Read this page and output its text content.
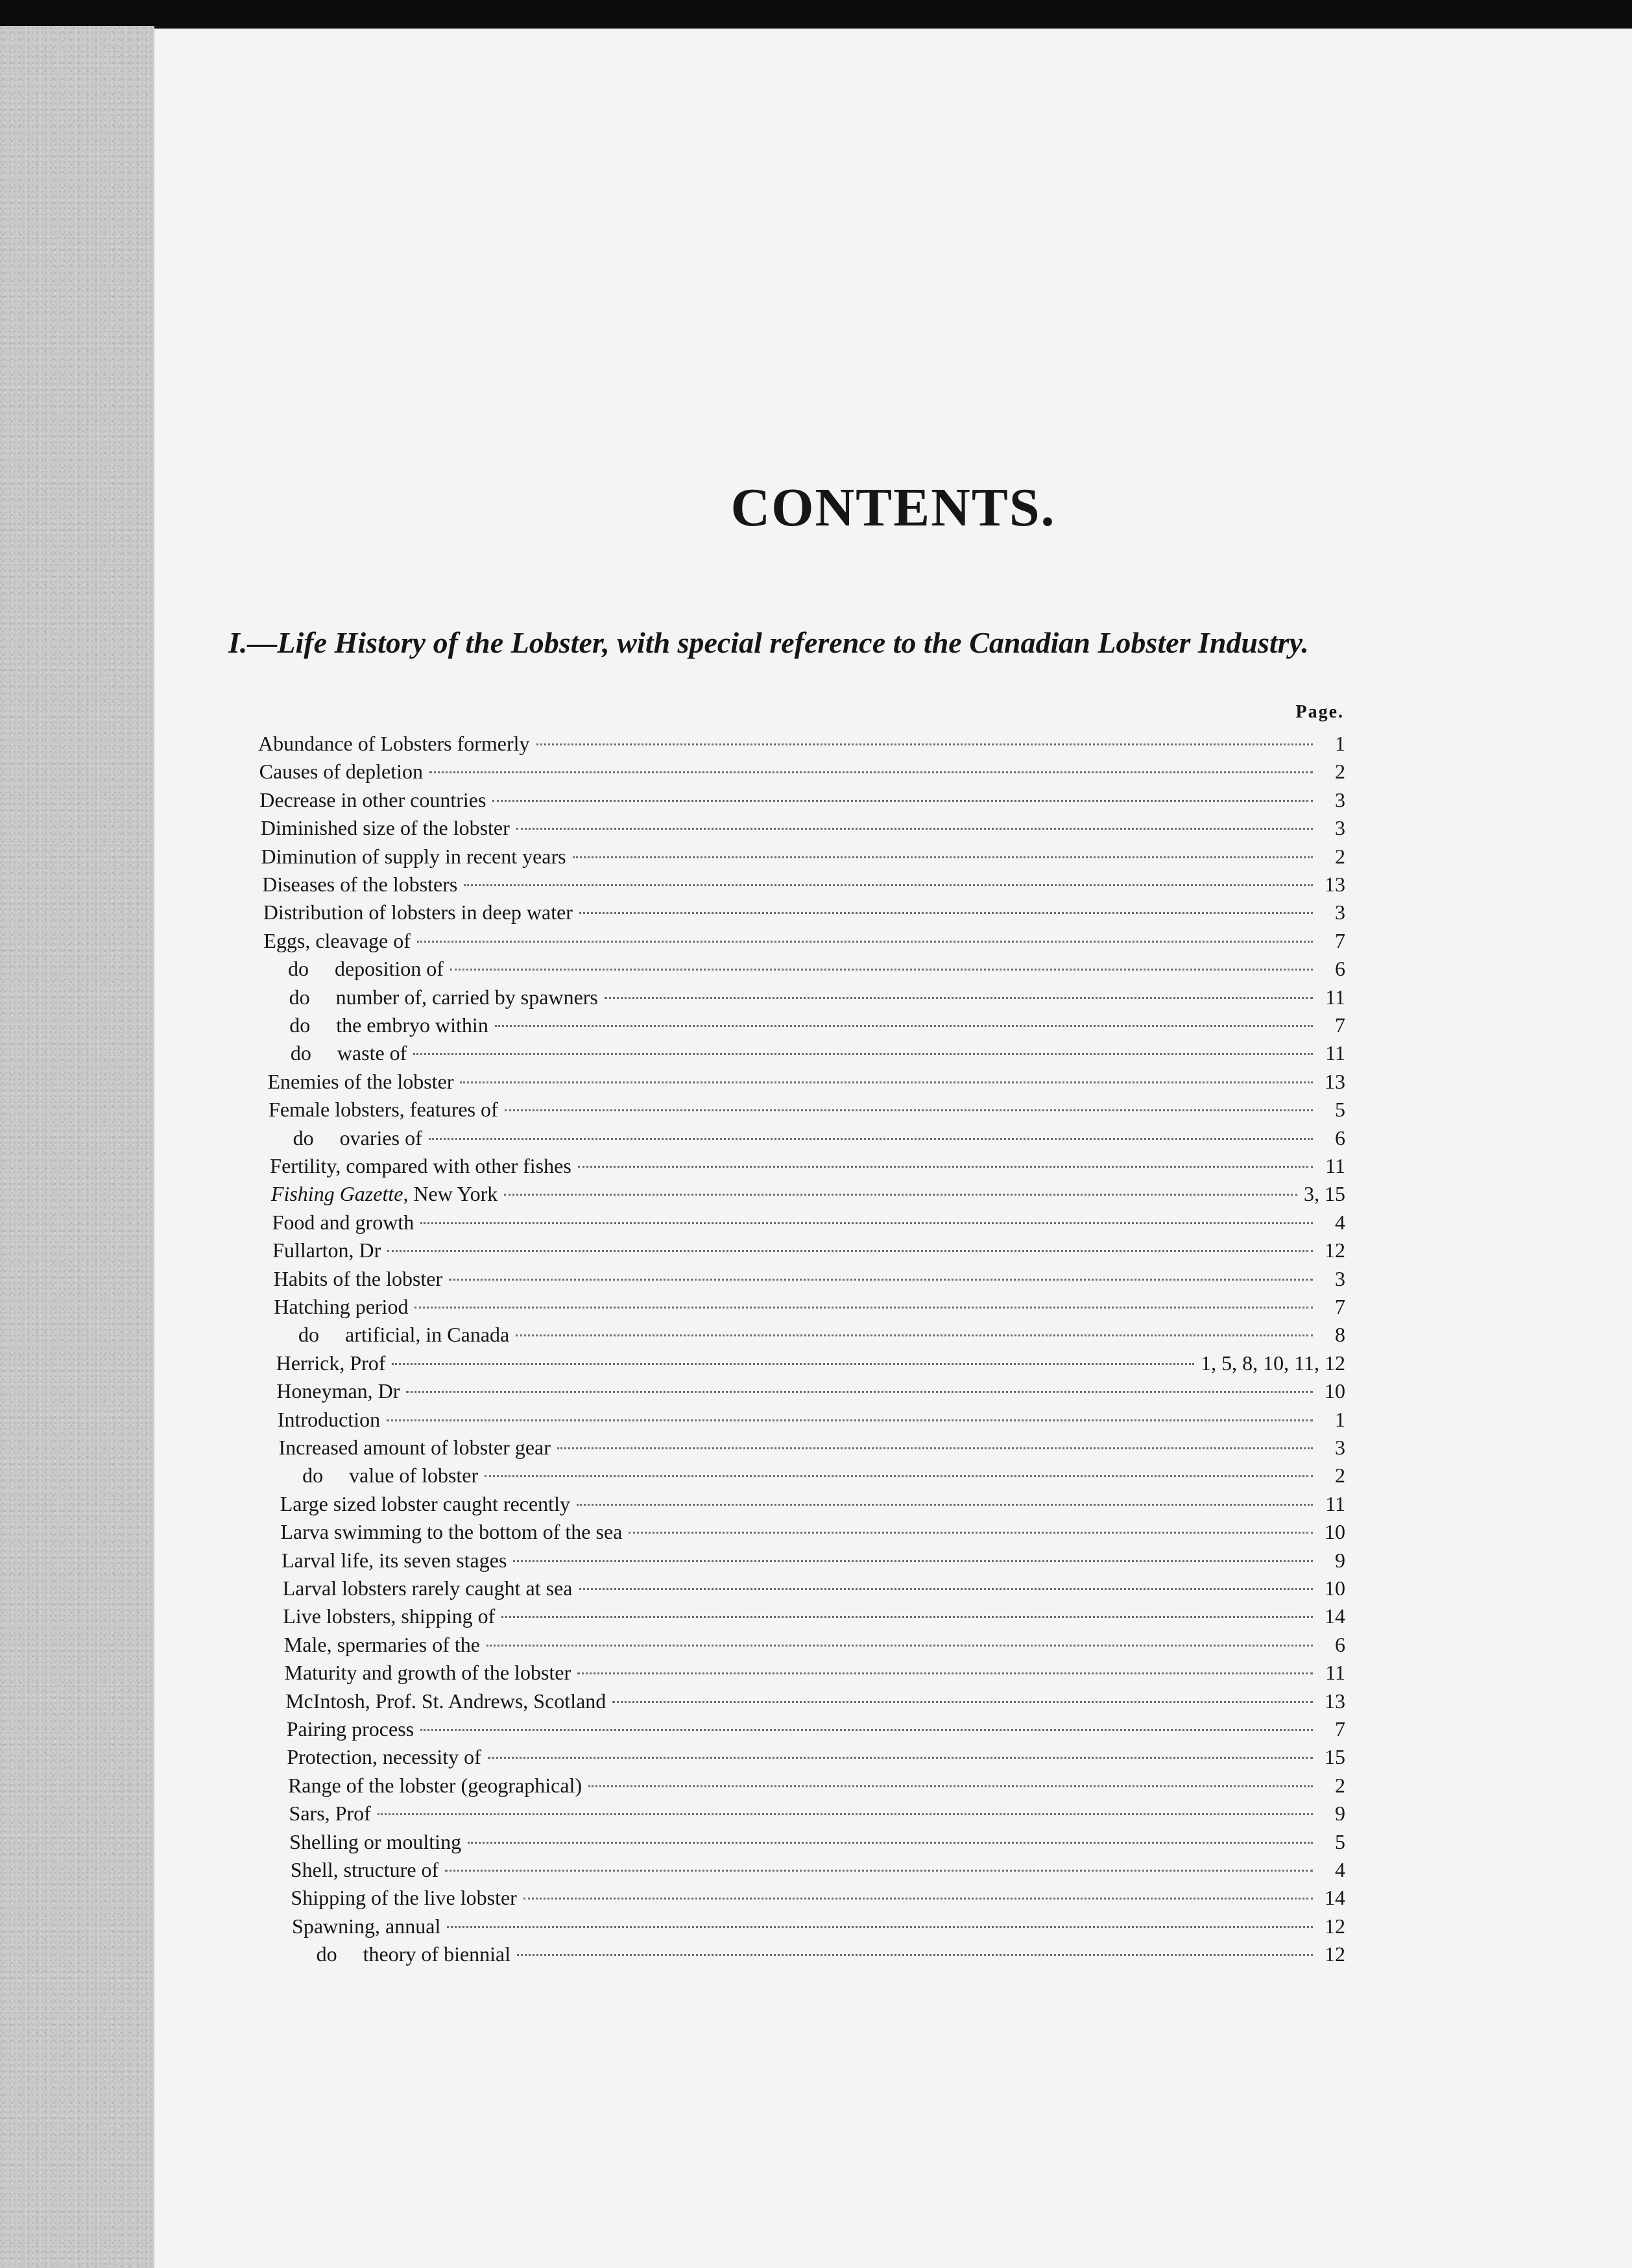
CONTENTS.
I.—Life History of the Lobster, with special reference to the Canadian Lobster Industry.
Page.
Abundance of Lobsters formerly	1
Causes of depletion	2
Decrease in other countries	3
Diminished size of the lobster	3
Diminution of supply in recent years	2
Diseases of the lobsters	13
Distribution of lobsters in deep water	3
Eggs, cleavage of	7
do     deposition of	6
do     number of, carried by spawners	11
do     the embryo within	7
do     waste of	11
Enemies of the lobster	13
Female lobsters, features of	5
do     ovaries of	6
Fertility, compared with other fishes	11
Fishing Gazette, New York	3, 15
Food and growth	4
Fullarton, Dr	12
Habits of the lobster	3
Hatching period	7
do     artificial, in Canada	8
Herrick, Prof	1, 5, 8, 10, 11, 12
Honeyman, Dr	10
Introduction	1
Increased amount of lobster gear	3
do     value of lobster	2
Large sized lobster caught recently	11
Larva swimming to the bottom of the sea	10
Larval life, its seven stages	9
Larval lobsters rarely caught at sea	10
Live lobsters, shipping of	14
Male, spermaries of the	6
Maturity and growth of the lobster	11
McIntosh, Prof. St. Andrews, Scotland	13
Pairing process	7
Protection, necessity of	15
Range of the lobster (geographical)	2
Sars, Prof	9
Shelling or moulting	5
Shell, structure of	4
Shipping of the live lobster	14
Spawning, annual	12
do     theory of biennial	12
